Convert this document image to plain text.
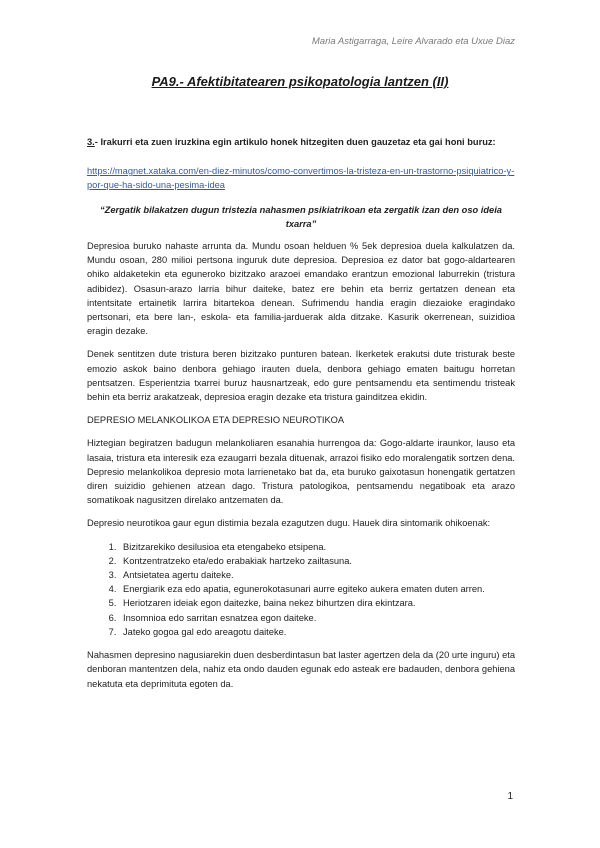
Maria Astigarraga, Leire Alvarado eta Uxue Diaz
PA9.- Afektibitatearen psikopatologia lantzen (II)
3.- Irakurri eta zuen iruzkina egin artikulo honek hitzegiten duen gauzetaz eta gai honi buruz:
https://magnet.xataka.com/en-diez-minutos/como-convertimos-la-tristeza-en-un-trastorno-psiquiatrico-y-por-que-ha-sido-una-pesima-idea
“Zergatik bilakatzen dugun tristezia nahasmen psikiatrikoan eta zergatik izan den oso ideia txarra”

Depresioa buruko nahaste arrunta da. Mundu osoan helduen % 5ek depresioa duela kalkulatzen da. Mundu osoan, 280 milioi pertsona inguruk dute depresioa. Depresioa ez dator bat gogo-aldartearen ohiko aldaketekin eta eguneroko bizitzako arazoei emandako erantzun emozional laburrekin (tristura adibidez). Osasun-arazo larria bihur daiteke, batez ere behin eta berriz gertatzen denean eta intentsitate ertainetik larrira bitartekoa denean. Sufrimendu handia eragin diezaioke eragindako pertsonari, eta bere lan-, eskola- eta familia-jarduerak alda ditzake. Kasurik okerrenean, suizidioa eragin dezake.

Denek sentitzen dute tristura beren bizitzako punturen batean. Ikerketek erakutsi dute tristurak beste emozio askok baino denbora gehiago irauten duela, denbora gehiago ematen baitugu horretan pentsatzen. Esperientzia txarrei buruz hausnartzeak, edo gure pentsamendu eta sentimendu tristeak behin eta berriz arakatzeak, depresioa eragin dezake eta tristura gainditzea ekidin.

DEPRESIO MELANKOLIKOA ETA DEPRESIO NEUROTIKOA

Hiztegian begiratzen badugun melankoliaren esanahia hurrengoa da: Gogo-aldarte iraunkor, lauso eta lasaia, tristura eta interesik eza ezaugarri bezala dituenak, arrazoi fisiko edo moralengatik sortzen dena. Depresio melankolikoa depresio mota larrienetako bat da, eta buruko gaixotasun honengatik gertatzen diren suizidio gehienen atzean dago. Tristura patologikoa, pentsamendu negatiboak eta arazo somatikoak nagusitzen direlako antzematen da.

Depresio neurotikoa gaur egun distimia bezala ezagutzen dugu. Hauek dira sintomarik ohikoenak:

1. Bizitzarekiko desilusioa eta etengabeko etsipena.
2. Kontzentratzeko eta/edo erabakiak hartzeko zailtasuna.
3. Antsietatea agertu daiteke.
4. Energiarik eza edo apatia, egunerokotasunari aurre egiteko aukera ematen duten arren.
5. Heriotzaren ideiak egon daitezke, baina nekez bihurtzen dira ekintzara.
6. Insomnioa edo sarritan esnatzea egon daiteke.
7. Jateko gogoa gal edo areagotu daiteke.

Nahasmen depresino nagusiarekin duen desberdintasun bat laster agertzen dela da (20 urte inguru) eta denboran mantentzen dela, nahiz eta ondo dauden egunak edo asteak ere badauden, denbora gehiena nekatuta eta deprimituta egoten da.

1
